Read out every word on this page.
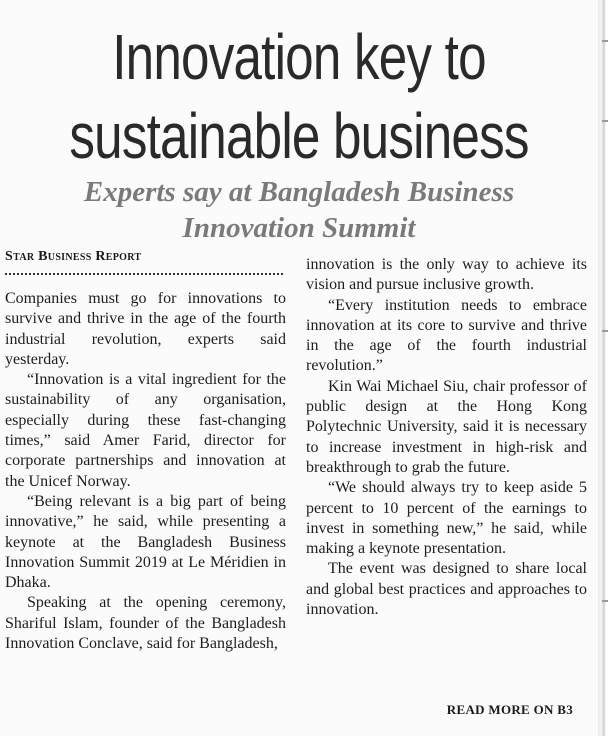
Innovation key to
sustainable business
Experts say at Bangladesh Business
Innovation Summit
Star Business Report

Companies must go for innovations to survive and thrive in the age of the fourth industrial revolution, experts said yesterday.

“Innovation is a vital ingredient for the sustainability of any organisation, especially during these fast-changing times,” said Amer Farid, director for corporate partnerships and innovation at the Unicef Norway.

“Being relevant is a big part of being innovative,” he said, while presenting a keynote at the Bangladesh Business Innovation Summit 2019 at Le Méridien in Dhaka.

Speaking at the opening ceremony, Shariful Islam, founder of the Bangladesh Innovation Conclave, said for Bangladesh,

innovation is the only way to achieve its vision and pursue inclusive growth.

“Every institution needs to embrace innovation at its core to survive and thrive in the age of the fourth industrial revolution.”

Kin Wai Michael Siu, chair professor of public design at the Hong Kong Polytechnic University, said it is necessary to increase investment in high-risk and breakthrough to grab the future.

“We should always try to keep aside 5 percent to 10 percent of the earnings to invest in something new,” he said, while making a keynote presentation.

The event was designed to share local and global best practices and approaches to innovation.

READ MORE ON B3
